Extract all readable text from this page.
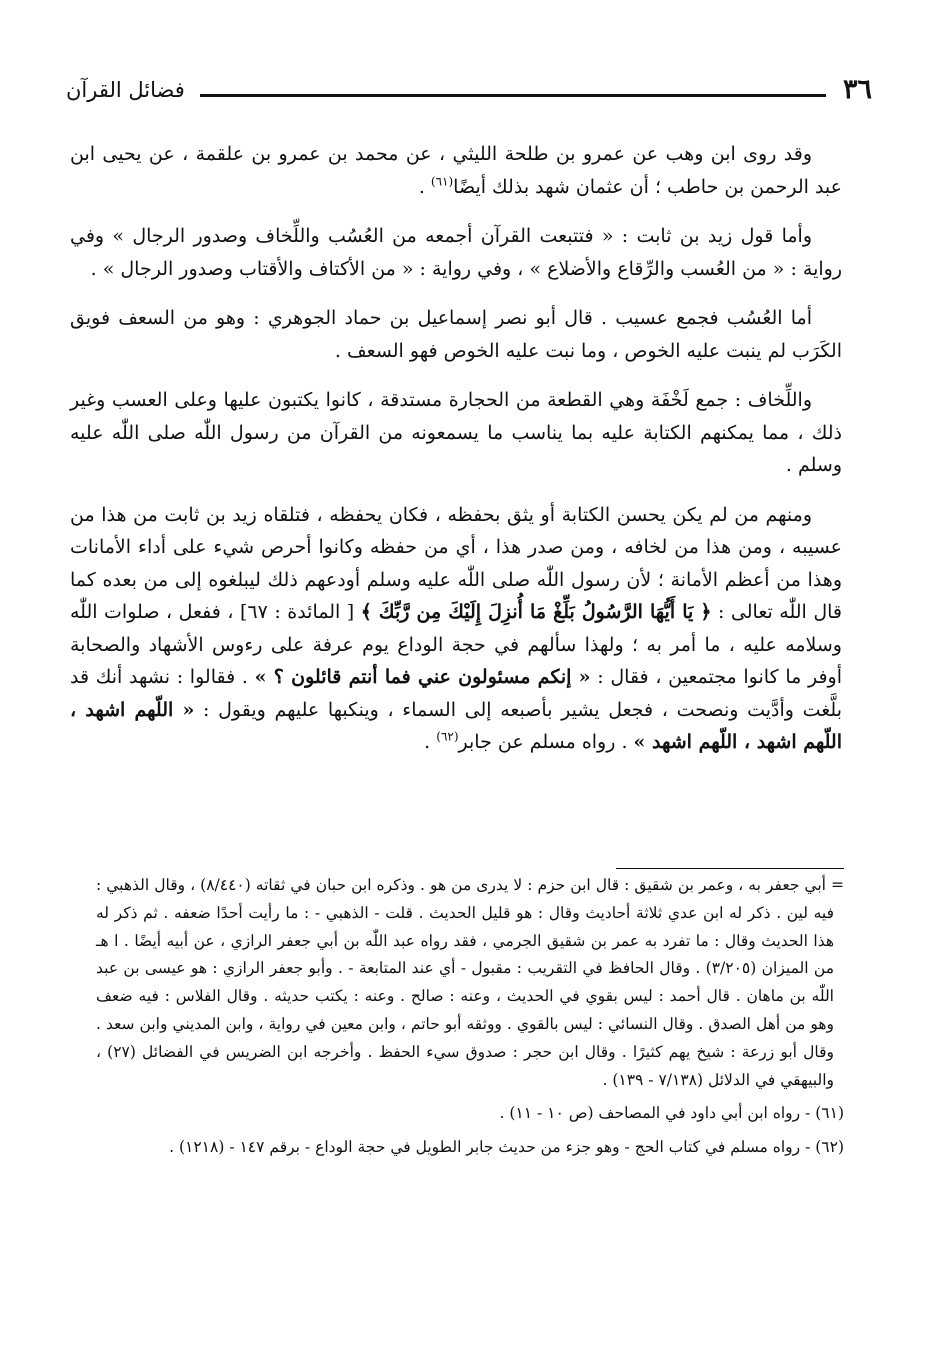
٣٦
فضائل القرآن

وقد روى ابن وهب عن عمرو بن طلحة الليثي ، عن محمد بن عمرو بن علقمة ، عن يحيى ابن عبد الرحمن بن حاطب ؛ أن عثمان شهد بذلك أيضًا$^{(٦١)}$ .

وأما قول زيد بن ثابت : « فتتبعت القرآن أجمعه من العُسُب واللِّخاف وصدور الرجال » وفي رواية : « من العُسب والرِّقاع والأضلاع » ، وفي رواية : « من الأكتاف والأقتاب وصدور الرجال » .

أما العُسُب فجمع عسيب . قال أبو نصر إسماعيل بن حماد الجوهري : وهو من السعف فويق الكَرَب لم ينبت عليه الخوص ، وما نبت عليه الخوص فهو السعف .

واللِّخاف : جمع لَخْفَة وهي القطعة من الحجارة مستدقة ، كانوا يكتبون عليها وعلى العسب وغير ذلك ، مما يمكنهم الكتابة عليه بما يناسب ما يسمعونه من القرآن من رسول اللّٰه صلى اللّٰه عليه وسلم .

ومنهم من لم يكن يحسن الكتابة أو يثق بحفظه ، فكان يحفظه ، فتلقاه زيد بن ثابت من هذا من عسيبه ، ومن هذا من لخافه ، ومن صدر هذا ، أي من حفظه وكانوا أحرص شيء على أداء الأمانات وهذا من أعظم الأمانة ؛ لأن رسول اللّٰه صلى اللّٰه عليه وسلم أودعهم ذلك ليبلغوه إلى من بعده كما قال اللّٰه تعالى : ﴿ يَا أَيُّهَا الرَّسُولُ بَلِّغْ مَا أُنزِلَ إِلَيْكَ مِن رَّبِّكَ ﴾ [ المائدة : ٦٧] ، ففعل ، صلوات اللّٰه وسلامه عليه ، ما أمر به ؛ ولهذا سألهم في حجة الوداع يوم عرفة على رءوس الأشهاد والصحابة أوفر ما كانوا مجتمعين ، فقال : « إنكم مسئولون عني فما أنتم قائلون ؟ » . فقالوا : نشهد أنك قد بلَّغت وأدَّيت ونصحت ، فجعل يشير بأصبعه إلى السماء ، وينكبها عليهم ويقول : « اللّهم اشهد ، اللّهم اشهد ، اللّهم اشهد » . رواه مسلم عن جابر$^{(٦٢)}$ .

= أبي جعفر به ، وعمر بن شقيق : قال ابن حزم : لا يدرى من هو . وذكره ابن حبان في ثقاته (٨/٤٤٠) ، وقال الذهبي : فيه لين . ذكر له ابن عدي ثلاثة أحاديث وقال : هو قليل الحديث . قلت - الذهبي - : ما رأيت أحدًا ضعفه . ثم ذكر له هذا الحديث وقال : ما تفرد به عمر بن شقيق الجرمي ، فقد رواه عبد اللّٰه بن أبي جعفر الرازي ، عن أبيه أيضًا . ا هـ من الميزان (٣/٢٠٥) . وقال الحافظ في التقريب : مقبول - أي عند المتابعة - . وأبو جعفر الرازي : هو عيسى بن عبد اللّٰه بن ماهان . قال أحمد : ليس بقوي في الحديث ، وعنه : صالح . وعنه : يكتب حديثه . وقال الفلاس : فيه ضعف وهو من أهل الصدق . وقال النسائي : ليس بالقوي . ووثقه أبو حاتم ، وابن معين في رواية ، وابن المديني وابن سعد . وقال أبو زرعة : شيخ يهم كثيرًا . وقال ابن حجر : صدوق سيء الحفظ . وأخرجه ابن الضريس في الفضائل (٢٧) ، والبيهقي في الدلائل (٧/١٣٨ - ١٣٩) .

(٦١) - رواه ابن أبي داود في المصاحف (ص ١٠ - ١١) .

(٦٢) - رواه مسلم في كتاب الحج - وهو جزء من حديث جابر الطويل في حجة الوداع - برقم ١٤٧ - (١٢١٨) .
